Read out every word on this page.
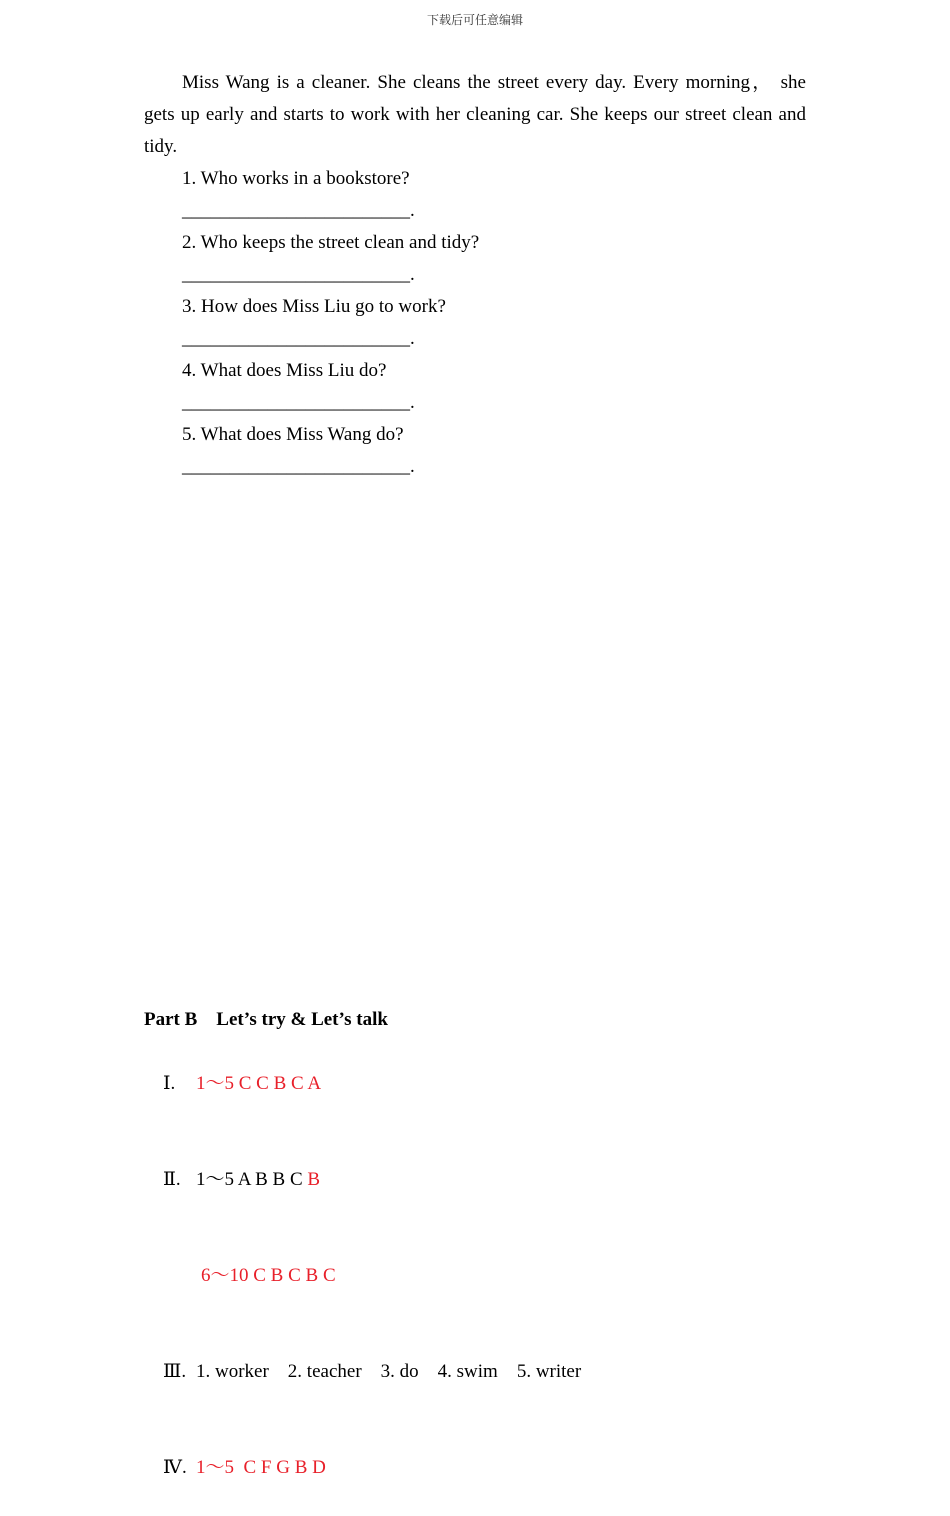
下载后可任意编辑

Miss Wang is a cleaner. She cleans the street every day. Every morning， she gets up early and starts to work with her cleaning car. She keeps our street clean and tidy.

1. Who works in a bookstore?
________________________.
2. Who keeps the street clean and tidy?
________________________.
3. How does Miss Liu go to work?
________________________.
4. What does Miss Liu do?
________________________.
5. What does Miss Wang do?
________________________.
Part B　Let’s try & Let’s talk

Ⅰ. 1～5 C C B C A

Ⅱ. 1～5 A B B C B

6～10 C B C B C

Ⅲ. 1. worker　2. teacher　3. do　4. swim　5. writer

Ⅳ. 1～5  C F G B D
